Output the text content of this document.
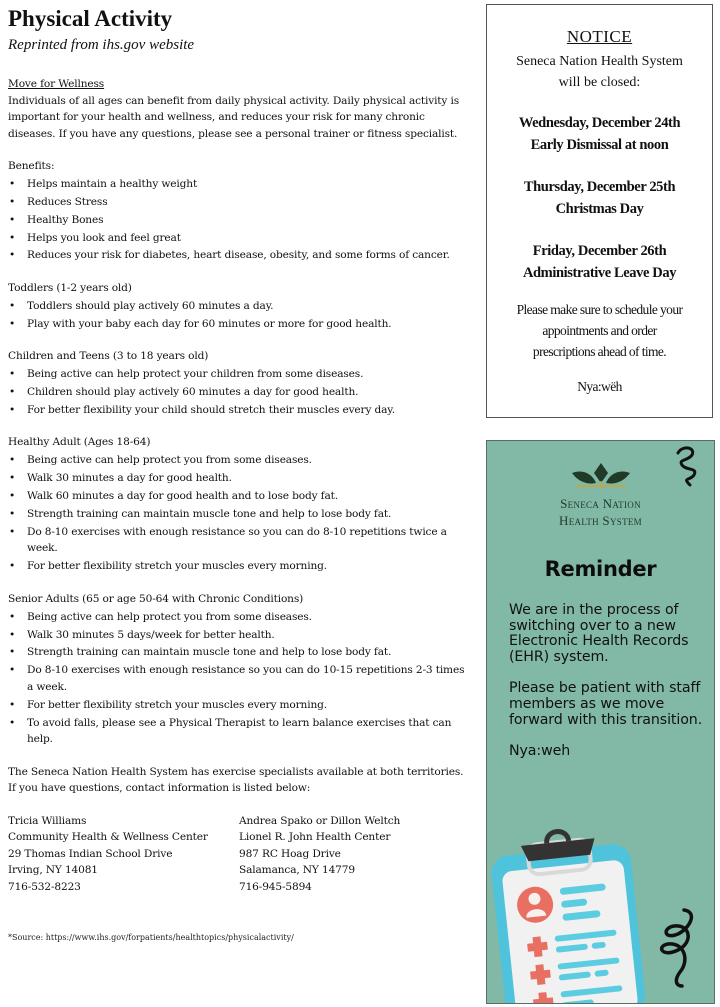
Physical Activity
Reprinted from ihs.gov website
Move for Wellness
Individuals of all ages can benefit from daily physical activity. Daily physical activity is important for your health and wellness, and reduces your risk for many chronic diseases. If you have any questions, please see a personal trainer or fitness specialist.
Benefits:
• Helps maintain a healthy weight
• Reduces Stress
• Healthy Bones
• Helps you look and feel great
• Reduces your risk for diabetes, heart disease, obesity, and some forms of cancer.
Toddlers (1-2 years old)
• Toddlers should play actively 60 minutes a day.
• Play with your baby each day for 60 minutes or more for good health.
Children and Teens (3 to 18 years old)
• Being active can help protect your children from some diseases.
• Children should play actively 60 minutes a day for good health.
• For better flexibility your child should stretch their muscles every day.
Healthy Adult (Ages 18-64)
• Being active can help protect you from some diseases.
• Walk 30 minutes a day for good health.
• Walk 60 minutes a day for good health and to lose body fat.
• Strength training can maintain muscle tone and help to lose body fat.
• Do 8-10 exercises with enough resistance so you can do 8-10 repetitions twice a week.
• For better flexibility stretch your muscles every morning.
Senior Adults (65 or age 50-64 with Chronic Conditions)
• Being active can help protect you from some diseases.
• Walk 30 minutes 5 days/week for better health.
• Strength training can maintain muscle tone and help to lose body fat.
• Do 8-10 exercises with enough resistance so you can do 10-15 repetitions 2-3 times a week.
• For better flexibility stretch your muscles every morning.
• To avoid falls, please see a Physical Therapist to learn balance exercises that can help.
The Seneca Nation Health System has exercise specialists available at both territories. If you have questions, contact information is listed below:
Tricia Williams
Community Health & Wellness Center
29 Thomas Indian School Drive
Irving, NY 14081
716-532-8223
Andrea Spako or Dillon Weltch
Lionel R. John Health Center
987 RC Hoag Drive
Salamanca, NY 14779
716-945-5894
*Source: https://www.ihs.gov/forpatients/healthtopics/physicalactivity/
NOTICE
Seneca Nation Health System
will be closed:
Wednesday, December 24th
Early Dismissal at noon
Thursday, December 25th
Christmas Day
Friday, December 26th
Administrative Leave Day
Please make sure to schedule your
appointments and order
prescriptions ahead of time.
Nya:wëh
Seneca Nation
Health System
Reminder

We are in the process of switching over to a new Electronic Health Records (EHR) system.

Please be patient with staff members as we move forward with this transition.

Nya:weh
